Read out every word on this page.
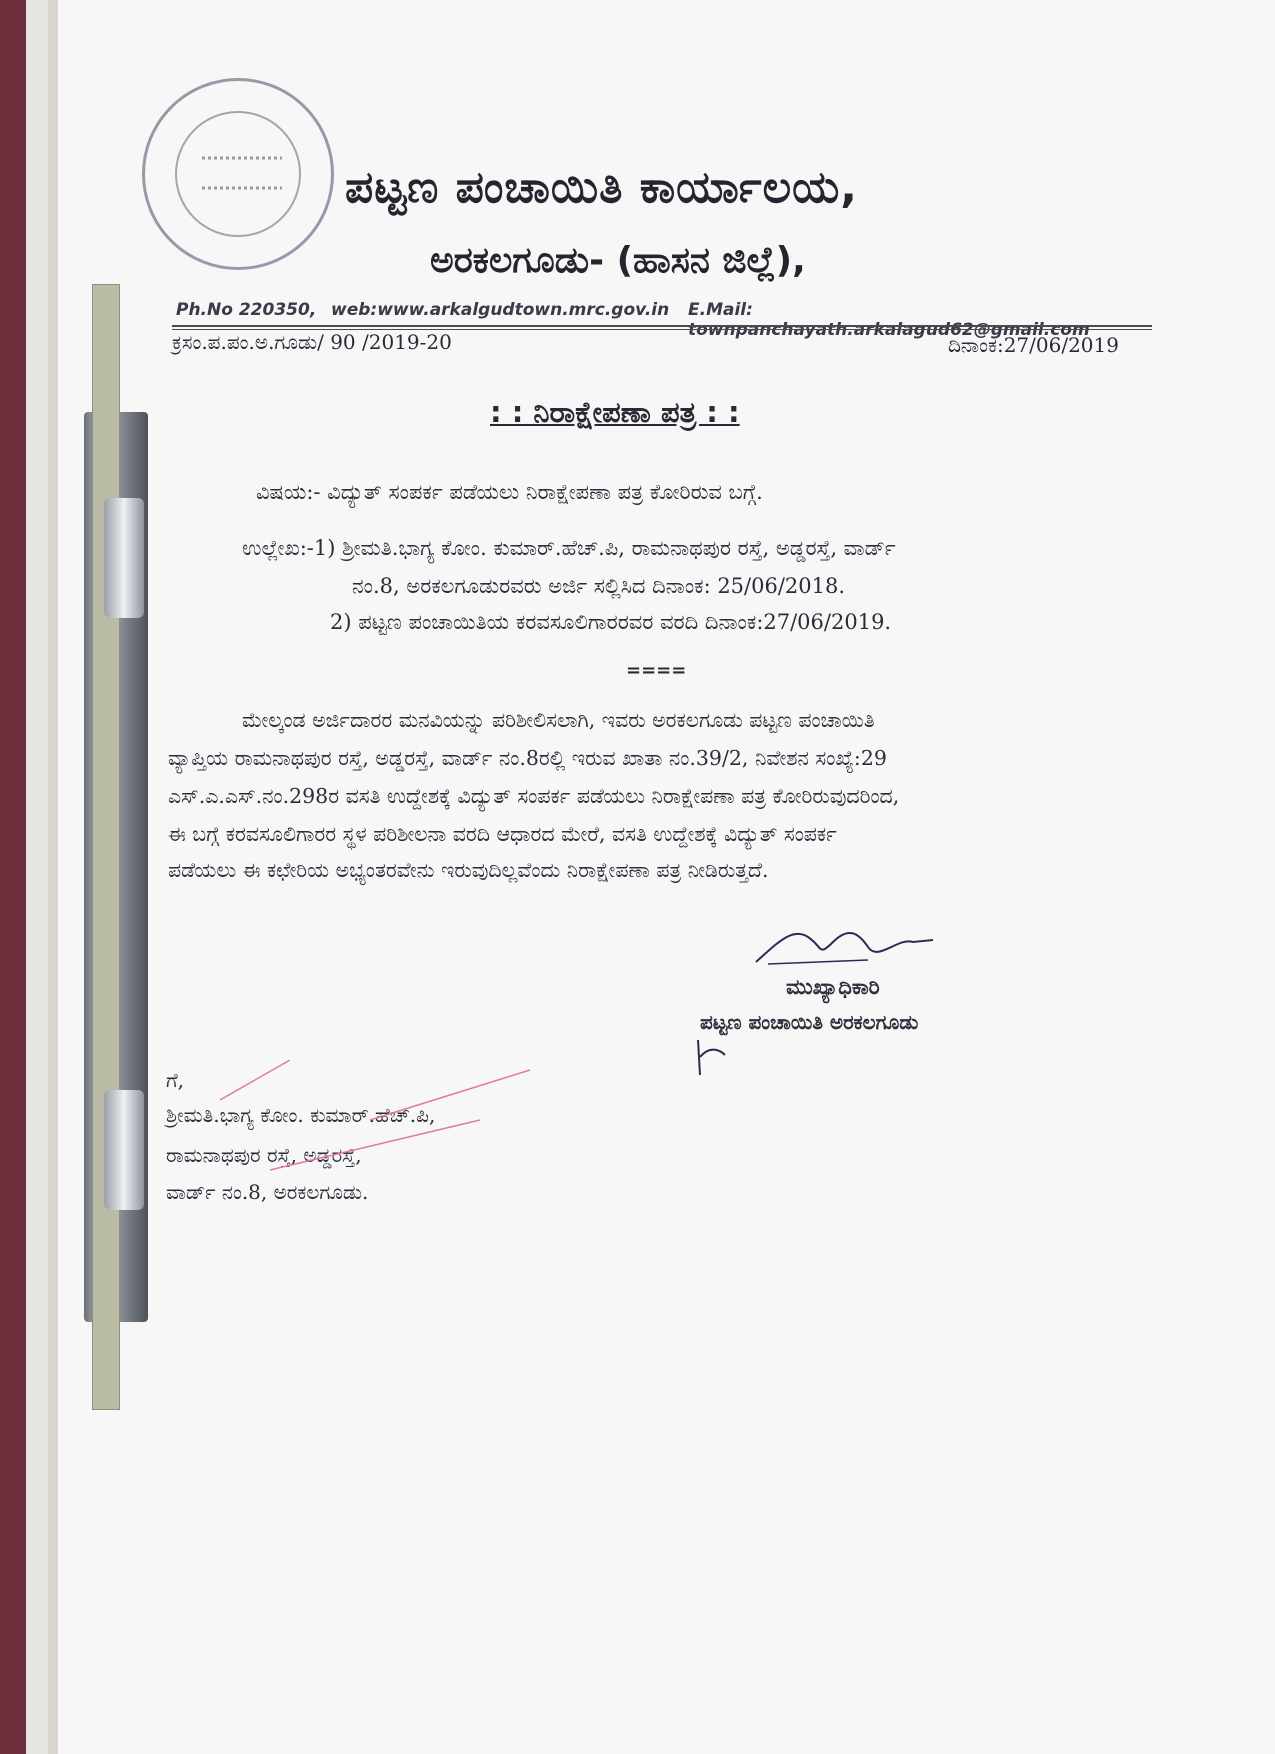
ಪಟ್ಟಣ ಪಂಚಾಯಿತಿ ಕಾರ್ಯಾಲಯ,
ಅರಕಲಗೂಡು- (ಹಾಸನ ಜಿಲ್ಲೆ),
Ph.No 220350, web:www.arkalgudtown.mrc.gov.in E.Mail: townpanchayath.arkalagud62@gmail.com
ಕ್ರಸಂ.ಪ.ಪಂ.ಅ.ಗೂಡು/ 90 /2019-20	ದಿನಾಂಕ:27/06/2019
: : ನಿರಾಕ್ಷೇಪಣಾ ಪತ್ರ : :
ವಿಷಯ:- ವಿದ್ಯುತ್ ಸಂಪರ್ಕ ಪಡೆಯಲು ನಿರಾಕ್ಷೇಪಣಾ ಪತ್ರ ಕೋರಿರುವ ಬಗ್ಗೆ.
ಉಲ್ಲೇಖ:-1) ಶ್ರೀಮತಿ.ಭಾಗ್ಯ ಕೋಂ. ಕುಮಾರ್.ಹೆಚ್.ಪಿ, ರಾಮನಾಥಪುರ ರಸ್ತೆ, ಅಡ್ಡರಸ್ತೆ, ವಾರ್ಡ್
ನಂ.8, ಅರಕಲಗೂಡುರವರು ಅರ್ಜಿ ಸಲ್ಲಿಸಿದ ದಿನಾಂಕ: 25/06/2018.
2) ಪಟ್ಟಣ ಪಂಚಾಯಿತಿಯ ಕರವಸೂಲಿಗಾರರವರ ವರದಿ ದಿನಾಂಕ:27/06/2019.
====
ಮೇಲ್ಕಂಡ ಅರ್ಜಿದಾರರ ಮನವಿಯನ್ನು ಪರಿಶೀಲಿಸಲಾಗಿ, ಇವರು ಅರಕಲಗೂಡು ಪಟ್ಟಣ ಪಂಚಾಯಿತಿ
ವ್ಯಾಪ್ತಿಯ ರಾಮನಾಥಪುರ ರಸ್ತೆ, ಅಡ್ಡರಸ್ತೆ, ವಾರ್ಡ್ ನಂ.8ರಲ್ಲಿ ಇರುವ ಖಾತಾ ನಂ.39/2, ನಿವೇಶನ ಸಂಖ್ಯೆ:29
ಎಸ್.ಎ.ಎಸ್.ನಂ.298ರ ವಸತಿ ಉದ್ದೇಶಕ್ಕೆ ವಿದ್ಯುತ್ ಸಂಪರ್ಕ ಪಡೆಯಲು ನಿರಾಕ್ಷೇಪಣಾ ಪತ್ರ ಕೋರಿರುವುದರಿಂದ,
ಈ ಬಗ್ಗೆ ಕರವಸೂಲಿಗಾರರ ಸ್ಥಳ ಪರಿಶೀಲನಾ ವರದಿ ಆಧಾರದ ಮೇರೆ, ವಸತಿ ಉದ್ದೇಶಕ್ಕೆ ವಿದ್ಯುತ್ ಸಂಪರ್ಕ
ಪಡೆಯಲು ಈ ಕಛೇರಿಯ ಅಭ್ಯಂತರವೇನು ಇರುವುದಿಲ್ಲವೆಂದು ನಿರಾಕ್ಷೇಪಣಾ ಪತ್ರ ನೀಡಿರುತ್ತದೆ.
ಮುಖ್ಯಾಧಿಕಾರಿ
ಪಟ್ಟಣ ಪಂಚಾಯಿತಿ ಅರಕಲಗೂಡು
ಗೆ,
ಶ್ರೀಮತಿ.ಭಾಗ್ಯ ಕೋಂ. ಕುಮಾರ್.ಹೆಚ್.ಪಿ,
ರಾಮನಾಥಪುರ ರಸ್ತೆ, ಅಡ್ಡರಸ್ತೆ,
ವಾರ್ಡ್ ನಂ.8, ಅರಕಲಗೂಡು.
